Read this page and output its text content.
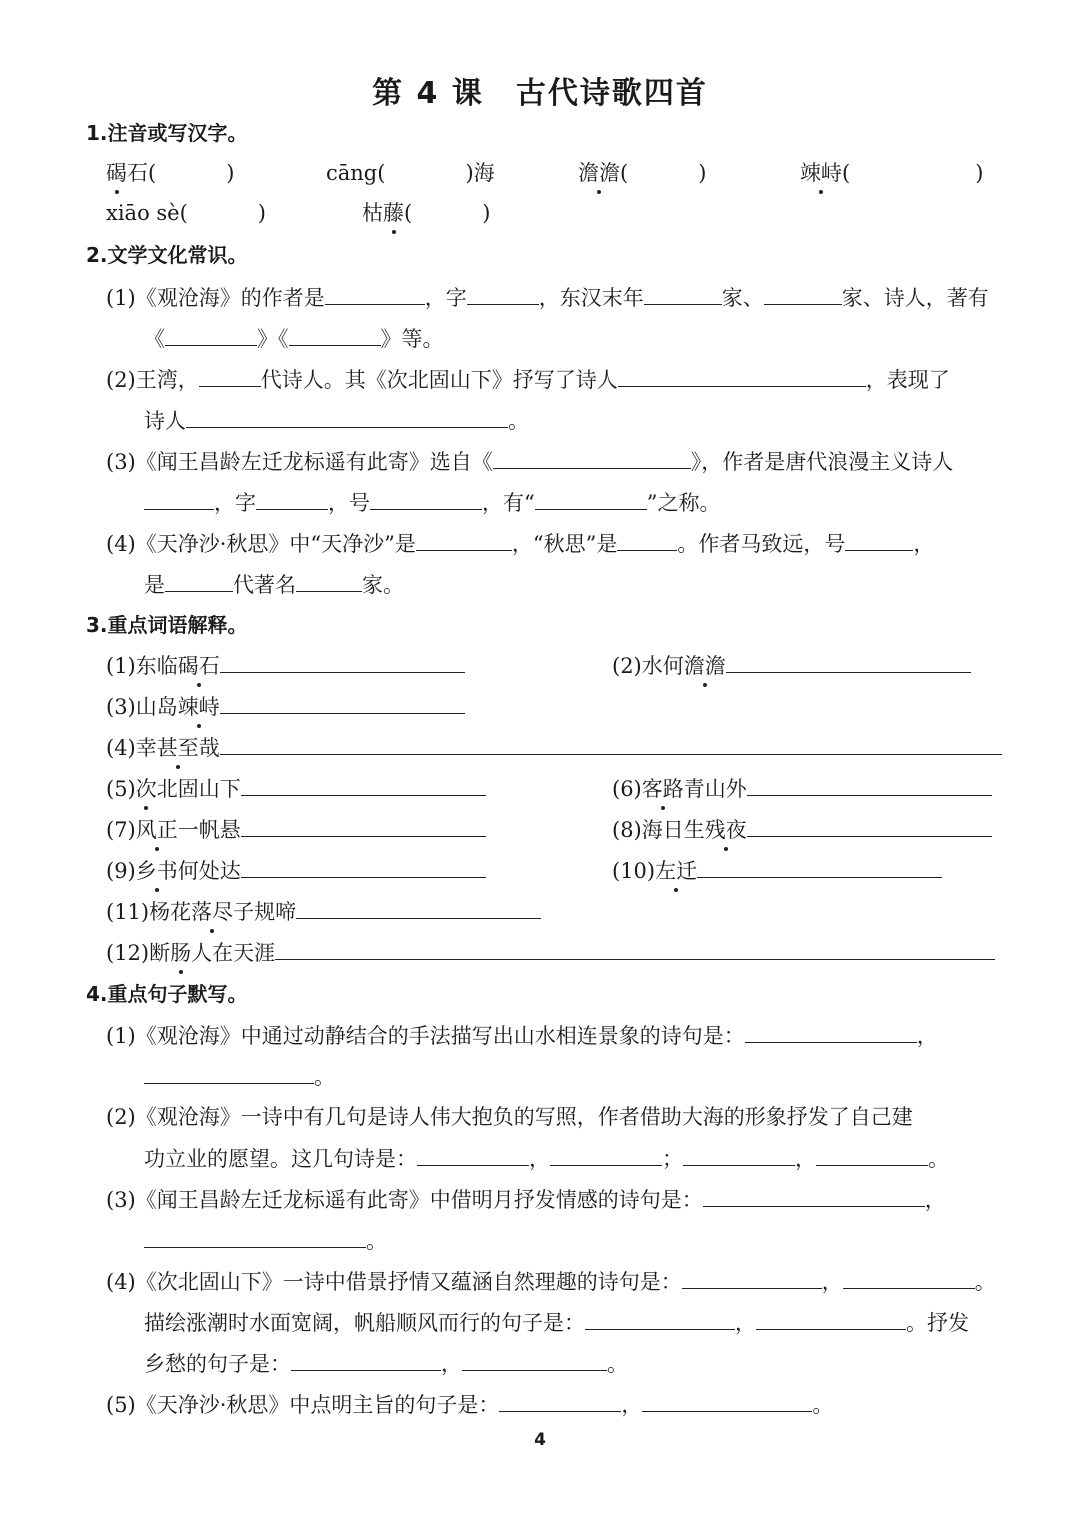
第 4 课　古代诗歌四首
1.注音或写汉字。
碣石(	)	cāng(	)海	澹澹(	)	竦峙(	)
xiāo sè(	)	枯藤(	)
2.文学文化常识。
(1)《观沧海》的作者是	，字	，东汉末年	家、	家、诗人，著有
《	》《	》等。
(2)王湾，	代诗人。其《次北固山下》抒写了诗人	，表现了
诗人	。
(3)《闻王昌龄左迁龙标遥有此寄》选自《	》，作者是唐代浪漫主义诗人
，字	，号	，有“	”之称。
(4)《天净沙·秋思》中“天净沙”是	，“秋思”是	。作者马致远，号	，
是	代著名	家。
3.重点词语解释。
(1)东临碣石	(2)水何澹澹
(3)山岛竦峙
(4)幸甚至哉
(5)次北固山下	(6)客路青山外
(7)风正一帆悬	(8)海日生残夜
(9)乡书何处达	(10)左迁
(11)杨花落尽子规啼
(12)断肠人在天涯
4.重点句子默写。
(1)《观沧海》中通过动静结合的手法描写出山水相连景象的诗句是：	，
。
(2)《观沧海》一诗中有几句是诗人伟大抱负的写照，作者借助大海的形象抒发了自己建
功立业的愿望。这几句诗是：	，	；	，	。
(3)《闻王昌龄左迁龙标遥有此寄》中借明月抒发情感的诗句是：	，
。
(4)《次北固山下》一诗中借景抒情又蕴涵自然理趣的诗句是：	，	。
描绘涨潮时水面宽阔，帆船顺风而行的句子是：	，	。抒发
乡愁的句子是：	，	。
(5)《天净沙·秋思》中点明主旨的句子是：	，	。
4
